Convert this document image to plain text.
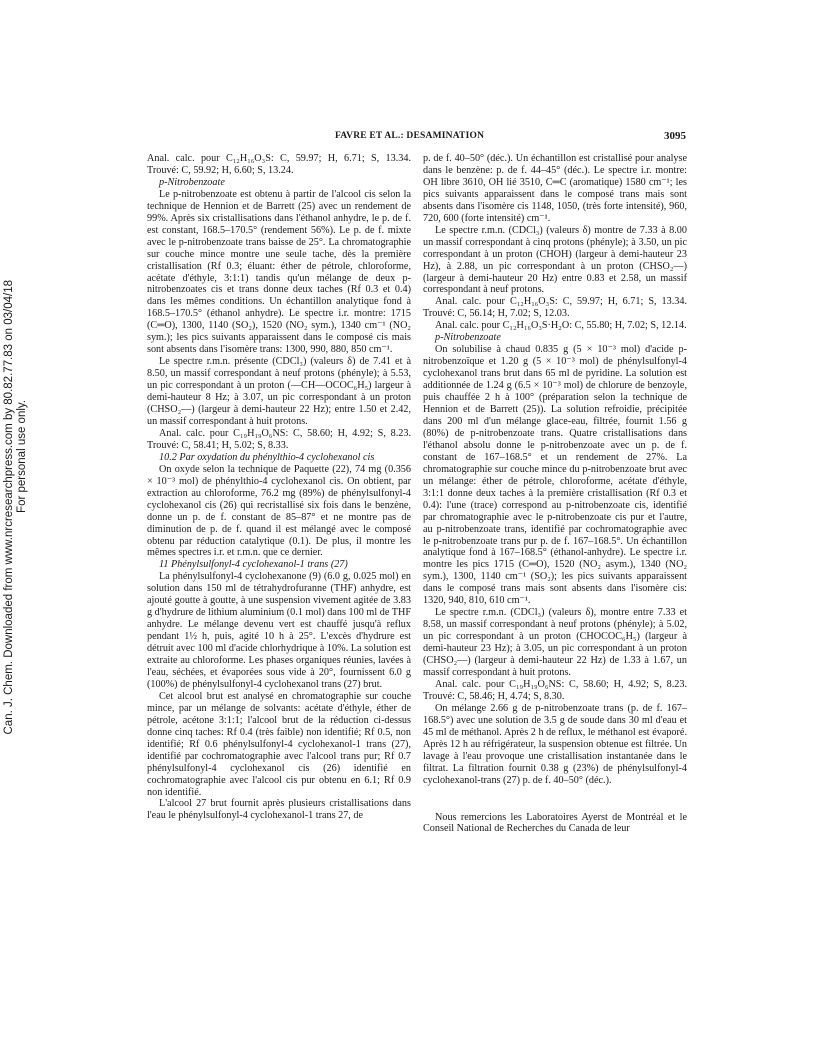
Can. J. Chem. Downloaded from www.nrcresearchpress.com by 80.82.77.83 on 03/04/18 For personal use only.
FAVRE ET AL.: DESAMINATION	3095

Anal. calc. pour C₁₂H₁₆O₃S: C, 59.97; H, 6.71; S, 13.34. Trouvé: C, 59.92; H, 6.60; S, 13.24.

p-Nitrobenzoate

Le p-nitrobenzoate est obtenu à partir de l'alcool cis selon la technique de Hennion et de Barrett (25) avec un rendement de 99%. Après six cristallisations dans l'éthanol anhydre, le p. de f. est constant, 168.5–170.5° (rendement 56%). Le p. de f. mixte avec le p-nitrobenzoate trans baisse de 25°. La chromatographie sur couche mince montre une seule tache, dès la première cristallisation (Rf 0.3; éluant: éther de pétrole, chloroforme, acétate d'éthyle, 3:1:1) tandis qu'un mélange de deux p-nitrobenzoates cis et trans donne deux taches (Rf 0.3 et 0.4) dans les mêmes conditions. Un échantillon analytique fond à 168.5–170.5° (éthanol anhydre). Le spectre i.r. montre: 1715 (C═O), 1300, 1140 (SO₂), 1520 (NO₂ sym.), 1340 cm⁻¹ (NO₂ sym.); les pics suivants apparaissent dans le composé cis mais sont absents dans l'isomère trans: 1300, 990, 880, 850 cm⁻¹.

Le spectre r.m.n. présente (CDCl₃) (valeurs δ) de 7.41 et à 8.50, un massif correspondant à neuf protons (phényle); à 5.53, un pic correspondant à un proton (—CH—OCOC₆H₅) largeur à demi-hauteur 8 Hz; à 3.07, un pic correspondant à un proton (CHSO₂—) (largeur à demi-hauteur 22 Hz); entre 1.50 et 2.42, un massif correspondant à huit protons.

Anal. calc. pour C₁₉H₁₉O₆NS: C, 58.60; H, 4.92; S, 8.23. Trouvé: C, 58.41; H, 5.02; S, 8.33.

10.2 Par oxydation du phénylthio-4 cyclohexanol cis

On oxyde selon la technique de Paquette (22), 74 mg (0.356 × 10⁻³ mol) de phénylthio-4 cyclohexanol cis. On obtient, par extraction au chloroforme, 76.2 mg (89%) de phénylsulfonyl-4 cyclohexanol cis (26) qui recristallisé six fois dans le benzène, donne un p. de f. constant de 85–87° et ne montre pas de diminution de p. de f. quand il est mélangé avec le composé obtenu par réduction catalytique (0.1). De plus, il montre les mêmes spectres i.r. et r.m.n. que ce dernier.

11 Phénylsulfonyl-4 cyclohexanol-1 trans (27)

La phénylsulfonyl-4 cyclohexanone (9) (6.0 g, 0.025 mol) en solution dans 150 ml de tétrahydrofuranne (THF) anhydre, est ajouté goutte à goutte, à une suspension vivement agitée de 3.83 g d'hydrure de lithium aluminium (0.1 mol) dans 100 ml de THF anhydre. Le mélange devenu vert est chauffé jusqu'à reflux pendant 1½ h, puis, agité 10 h à 25°. L'excès d'hydrure est détruit avec 100 ml d'acide chlorhydrique à 10%. La solution est extraite au chloroforme. Les phases organiques réunies, lavées à l'eau, séchées, et évaporées sous vide à 20°, fournissent 6.0 g (100%) de phénylsulfonyl-4 cyclohexanol trans (27) brut.

Cet alcool brut est analysé en chromatographie sur couche mince, par un mélange de solvants: acétate d'éthyle, éther de pétrole, acétone 3:1:1; l'alcool brut de la réduction ci-dessus donne cinq taches: Rf 0.4 (très faible) non identifié; Rf 0.5, non identifié; Rf 0.6 phénylsulfonyl-4 cyclohexanol-1 trans (27), identifié par cochromatographie avec l'alcool trans pur; Rf 0.7 phénylsulfonyl-4 cyclohexanol cis (26) identifié en cochromatographie avec l'alcool cis pur obtenu en 6.1; Rf 0.9 non identifié.

L'alcool 27 brut fournit après plusieurs cristallisations dans l'eau le phénylsulfonyl-4 cyclohexanol-1 trans 27, de

p. de f. 40–50° (déc.). Un échantillon est cristallisé pour analyse dans le benzène: p. de f. 44–45° (déc.). Le spectre i.r. montre: OH libre 3610, OH lié 3510, C═C (aromatique) 1580 cm⁻¹; les pics suivants apparaissent dans le composé trans mais sont absents dans l'isomère cis 1148, 1050, (très forte intensité), 960, 720, 600 (forte intensité) cm⁻¹.

Le spectre r.m.n. (CDCl₃) (valeurs δ) montre de 7.33 à 8.00 un massif correspondant à cinq protons (phényle); à 3.50, un pic correspondant à un proton (CHOH) (largeur à demi-hauteur 23 Hz), à 2.88, un pic correspondant à un proton (CHSO₂—) (largeur à demi-hauteur 20 Hz) entre 0.83 et 2.58, un massif correspondant à neuf protons.

Anal. calc. pour C₁₂H₁₆O₃S: C, 59.97; H, 6.71; S, 13.34. Trouvé: C, 56.14; H, 7.02; S, 12.03.

Anal. calc. pour C₁₂H₁₆O₃S·H₂O: C, 55.80; H, 7.02; S, 12.14.

p-Nitrobenzoate

On solubilise à chaud 0.835 g (5 × 10⁻³ mol) d'acide p-nitrobenzoïque et 1.20 g (5 × 10⁻³ mol) de phénylsulfonyl-4 cyclohexanol trans brut dans 65 ml de pyridine. La solution est additionnée de 1.24 g (6.5 × 10⁻³ mol) de chlorure de benzoyle, puis chauffée 2 h à 100° (préparation selon la technique de Hennion et de Barrett (25)). La solution refroidie, précipitée dans 200 ml d'un mélange glace-eau, filtrée, fournit 1.56 g (80%) de p-nitrobenzoate trans. Quatre cristallisations dans l'éthanol absolu donne le p-nitrobenzoate avec un p. de f. constant de 167–168.5° et un rendement de 27%. La chromatographie sur couche mince du p-nitrobenzoate brut avec un mélange: éther de pétrole, chloroforme, acétate d'éthyle, 3:1:1 donne deux taches à la première cristallisation (Rf 0.3 et 0.4): l'une (trace) correspond au p-nitrobenzoate cis, identifié par chromatographie avec le p-nitrobenzoate cis pur et l'autre, au p-nitrobenzoate trans, identifié par cochromatographie avec le p-nitrobenzoate trans pur p. de f. 167–168.5°. Un échantillon analytique fond à 167–168.5° (éthanol-anhydre). Le spectre i.r. montre les pics 1715 (C═O), 1520 (NO₂ asym.), 1340 (NO₂ sym.), 1300, 1140 cm⁻¹ (SO₂); les pics suivants apparaissent dans le composé trans mais sont absents dans l'isomère cis: 1320, 940, 810, 610 cm⁻¹.

Le spectre r.m.n. (CDCl₃) (valeurs δ), montre entre 7.33 et 8.58, un massif correspondant à neuf protons (phényle); à 5.02, un pic correspondant à un proton (CHOCOC₆H₅) (largeur à demi-hauteur 23 Hz); à 3.05, un pic correspondant à un proton (CHSO₂—) (largeur à demi-hauteur 22 Hz) de 1.33 à 1.67, un massif correspondant à huit protons.

Anal. calc. pour C₁₉H₁₉O₆NS: C, 58.60; H, 4.92; S, 8.23. Trouvé: C, 58.46; H, 4.74; S, 8.30.

On mélange 2.66 g de p-nitrobenzoate trans (p. de f. 167–168.5°) avec une solution de 3.5 g de soude dans 30 ml d'eau et 45 ml de méthanol. Après 2 h de reflux, le méthanol est évaporé. Après 12 h au réfrigérateur, la suspension obtenue est filtrée. Un lavage à l'eau provoque une cristallisation instantanée dans le filtrat. La filtration fournit 0.38 g (23%) de phénylsulfonyl-4 cyclohexanol-trans (27) p. de f. 40–50° (déc.).

Nous remercions les Laboratoires Ayerst de Montréal et le Conseil National de Recherches du Canada de leur
